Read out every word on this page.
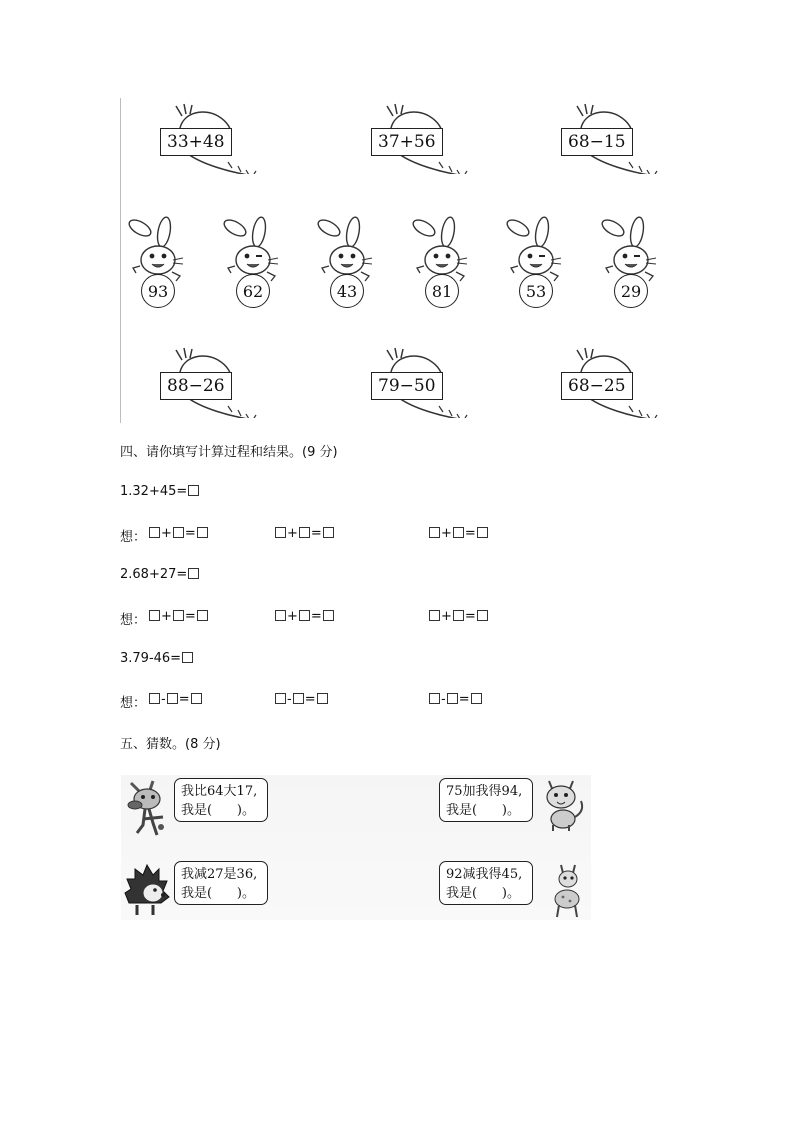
33+48	37+56	68−15
93	62	43	81	53	29
88−26	79−50	68−25
四、请你填写计算过程和结果。(9 分)
1.32+45=
想：	+ =	+ =	+ =
2.68+27=
想：	+ =	+ =	+ =
3.79-46=
想：	- =	- =	- =
五、猜数。(8 分)
我比64大17,
我是(      )。
75加我得94,
我是(      )。
我减27是36,
我是(      )。
92减我得45,
我是(      )。
